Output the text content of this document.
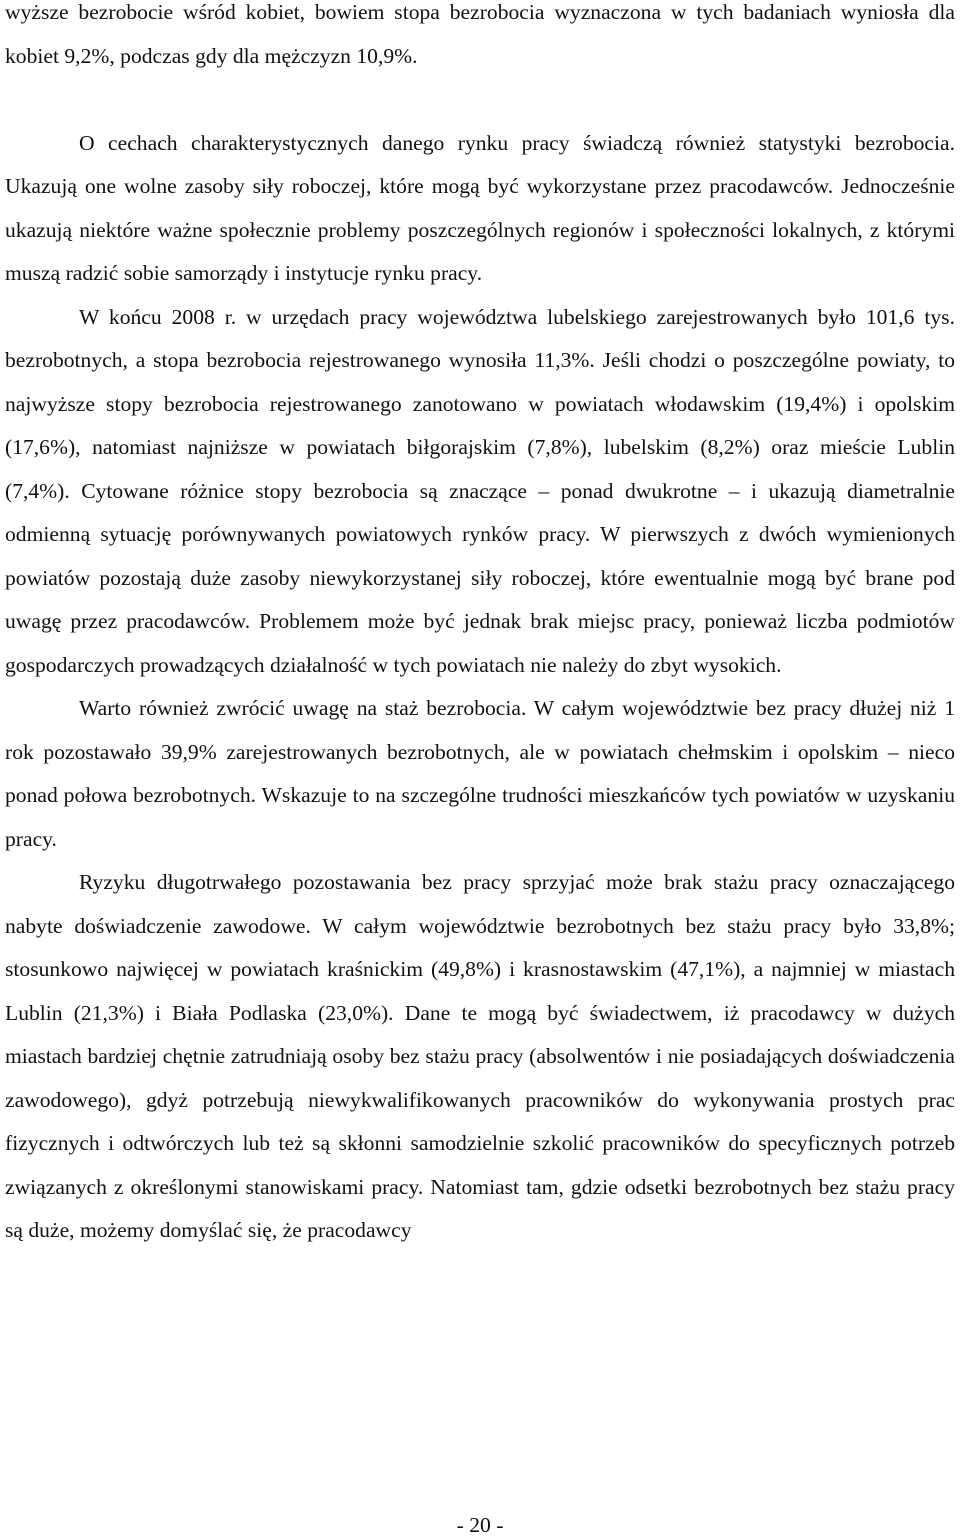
wyższe bezrobocie wśród kobiet, bowiem stopa bezrobocia wyznaczona w tych badaniach wyniosła dla kobiet 9,2%, podczas gdy dla mężczyzn 10,9%.

O cechach charakterystycznych danego rynku pracy świadczą również statystyki bezrobocia. Ukazują one wolne zasoby siły roboczej, które mogą być wykorzystane przez pracodawców. Jednocześnie ukazują niektóre ważne społecznie problemy poszczególnych regionów i społeczności lokalnych, z którymi muszą radzić sobie samorządy i instytucje rynku pracy.

W końcu 2008 r. w urzędach pracy województwa lubelskiego zarejestrowanych było 101,6 tys. bezrobotnych, a stopa bezrobocia rejestrowanego wynosiła 11,3%. Jeśli chodzi o poszczególne powiaty, to najwyższe stopy bezrobocia rejestrowanego zanotowano w powiatach włodawskim (19,4%) i opolskim (17,6%), natomiast najniższe w powiatach biłgorajskim (7,8%), lubelskim (8,2%) oraz mieście Lublin (7,4%). Cytowane różnice stopy bezrobocia są znaczące – ponad dwukrotne – i ukazują diametralnie odmienną sytuację porównywanych powiatowych rynków pracy. W pierwszych z dwóch wymienionych powiatów pozostają duże zasoby niewykorzystanej siły roboczej, które ewentualnie mogą być brane pod uwagę przez pracodawców. Problemem może być jednak brak miejsc pracy, ponieważ liczba podmiotów gospodarczych prowadzących działalność w tych powiatach nie należy do zbyt wysokich.

Warto również zwrócić uwagę na staż bezrobocia. W całym województwie bez pracy dłużej niż 1 rok pozostawało 39,9% zarejestrowanych bezrobotnych, ale w powiatach chełmskim i opolskim – nieco ponad połowa bezrobotnych. Wskazuje to na szczególne trudności mieszkańców tych powiatów w uzyskaniu pracy.

Ryzyku długotrwałego pozostawania bez pracy sprzyjać może brak stażu pracy oznaczającego nabyte doświadczenie zawodowe. W całym województwie bezrobotnych bez stażu pracy było 33,8%; stosunkowo najwięcej w powiatach kraśnickim (49,8%) i krasnostawskim (47,1%), a najmniej w miastach Lublin (21,3%) i Biała Podlaska (23,0%). Dane te mogą być świadectwem, iż pracodawcy w dużych miastach bardziej chętnie zatrudniają osoby bez stażu pracy (absolwentów i nie posiadających doświadczenia zawodowego), gdyż potrzebują niewykwalifikowanych pracowników do wykonywania prostych prac fizycznych i odtwórczych lub też są skłonni samodzielnie szkolić pracowników do specyficznych potrzeb związanych z określonymi stanowiskami pracy. Natomiast tam, gdzie odsetki bezrobotnych bez stażu pracy są duże, możemy domyślać się, że pracodawcy

- 20 -
